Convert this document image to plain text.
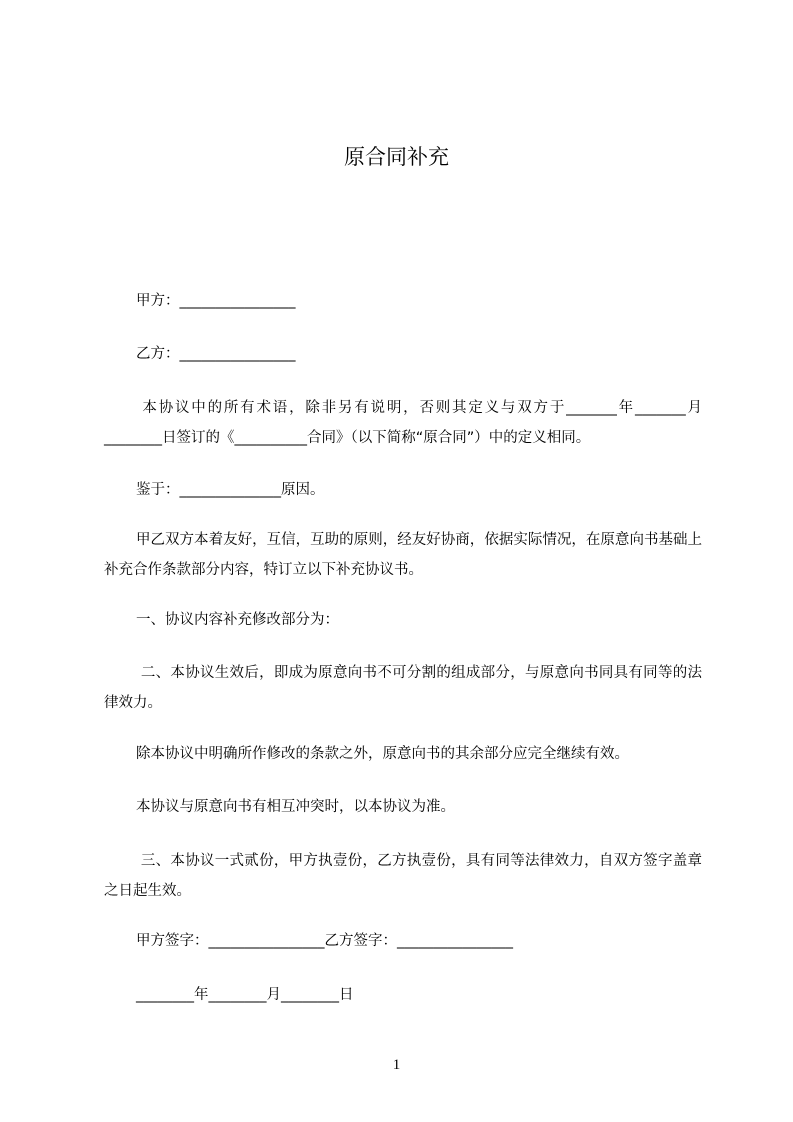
原合同补充
甲方：________________
乙方：________________
本协议中的所有术语，除非另有说明，否则其定义与双方于_______年_______月________日签订的《__________合同》（以下简称“原合同”）中的定义相同。
鉴于：______________原因。
甲乙双方本着友好，互信，互助的原则，经友好协商，依据实际情况，在原意向书基础上补充合作条款部分内容，特订立以下补充协议书。
一、协议内容补充修改部分为：
二、本协议生效后，即成为原意向书不可分割的组成部分，与原意向书同具有同等的法律效力。
除本协议中明确所作修改的条款之外，原意向书的其余部分应完全继续有效。
本协议与原意向书有相互冲突时，以本协议为准。
三、本协议一式贰份，甲方执壹份，乙方执壹份，具有同等法律效力，自双方签字盖章之日起生效。
甲方签字：________________乙方签字：________________
________年________月________日
1
